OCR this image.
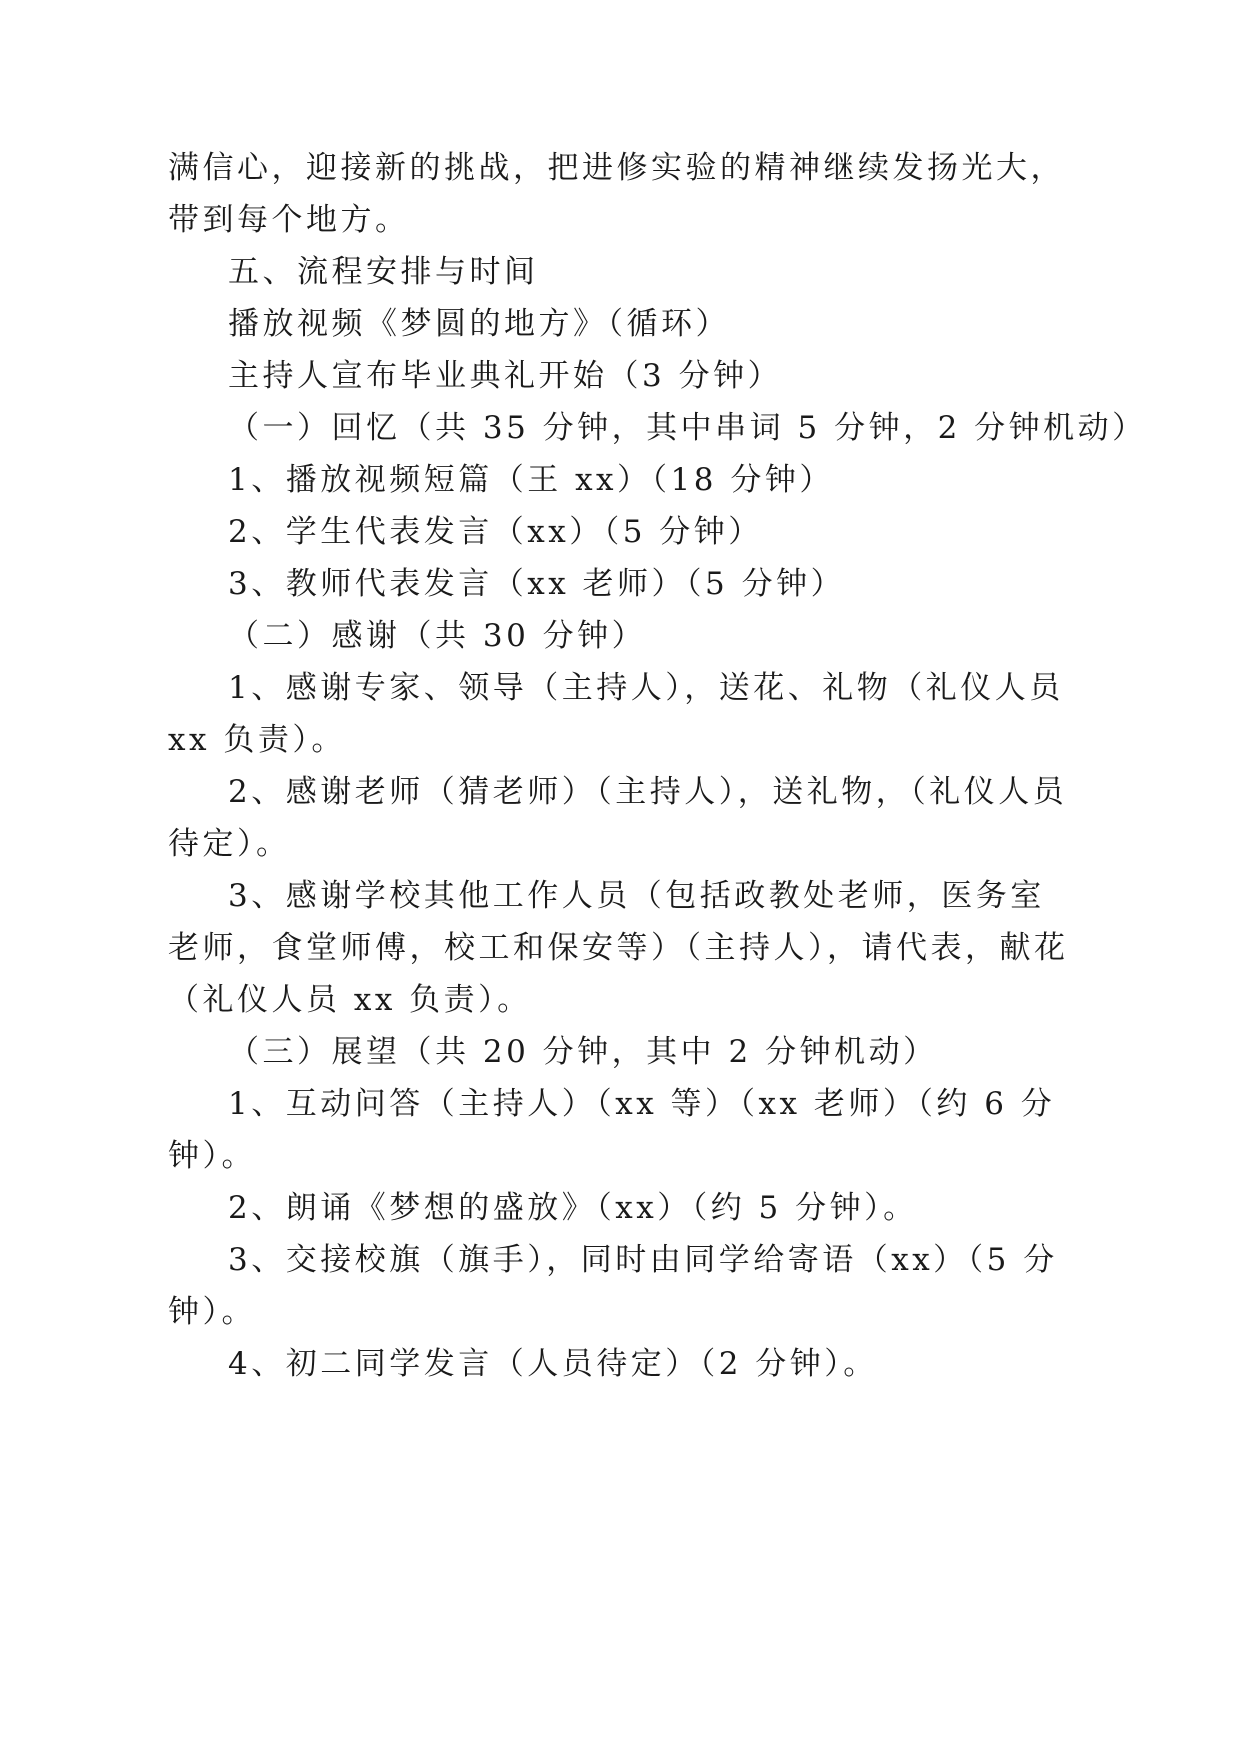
满信心，迎接新的挑战，把进修实验的精神继续发扬光大，
带到每个地方。
五、流程安排与时间
播放视频《梦圆的地方》（循环）
主持人宣布毕业典礼开始（3 分钟）
（一）回忆（共 35 分钟，其中串词 5 分钟，2 分钟机动）
1、播放视频短篇（王 xx）（18 分钟）
2、学生代表发言（xx）（5 分钟）
3、教师代表发言（xx 老师）（5 分钟）
（二）感谢（共 30 分钟）
1、感谢专家、领导（主持人），送花、礼物（礼仪人员
xx 负责）。
2、感谢老师（猜老师）（主持人），送礼物，（礼仪人员
待定）。
3、感谢学校其他工作人员（包括政教处老师，医务室
老师，食堂师傅，校工和保安等）（主持人），请代表，献花
（礼仪人员 xx 负责）。
（三）展望（共 20 分钟，其中 2 分钟机动）
1、互动问答（主持人）（xx 等）（xx 老师）（约 6 分
钟）。
2、朗诵《梦想的盛放》（xx）（约 5 分钟）。
3、交接校旗（旗手），同时由同学给寄语（xx）（5 分
钟）。
4、初二同学发言（人员待定）（2 分钟）。
